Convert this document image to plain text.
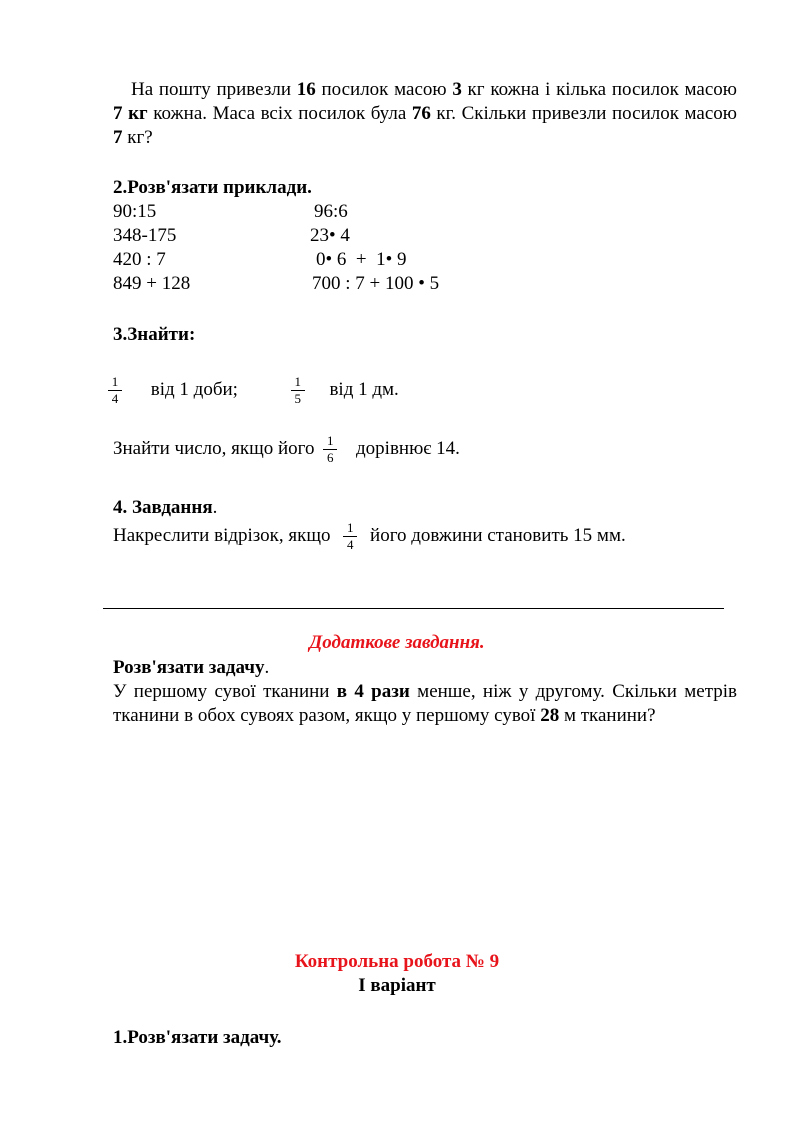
На пошту привезли 16 посилок масою 3 кг кожна і кілька посилок масою 7 кг кожна. Маса всіх посилок була 76 кг. Скільки привезли посилок масою 7 кг?
2.Розв'язати приклади.
90:15
348-175
420 : 7
849 + 128
96:6
23• 4
0• 6  +  1• 9
700 : 7 + 100 • 5
3.Знайти:
$\frac{1}{4}$ від 1 доби;	$\frac{1}{5}$ від 1 дм.
Знайти число, якщо його $\frac{1}{6}$ дорівнює 14.
4. Завдання.
Накреслити відрізок, якщо $\frac{1}{4}$ його довжини становить 15 мм.
Додаткове завдання.
Розв'язати задачу.
У першому сувої тканини в 4 рази менше, ніж у другому. Скільки метрів тканини в обох сувоях разом, якщо у першому сувої 28 м тканини?
Контрольна робота № 9
І варіант
1.Розв'язати задачу.
